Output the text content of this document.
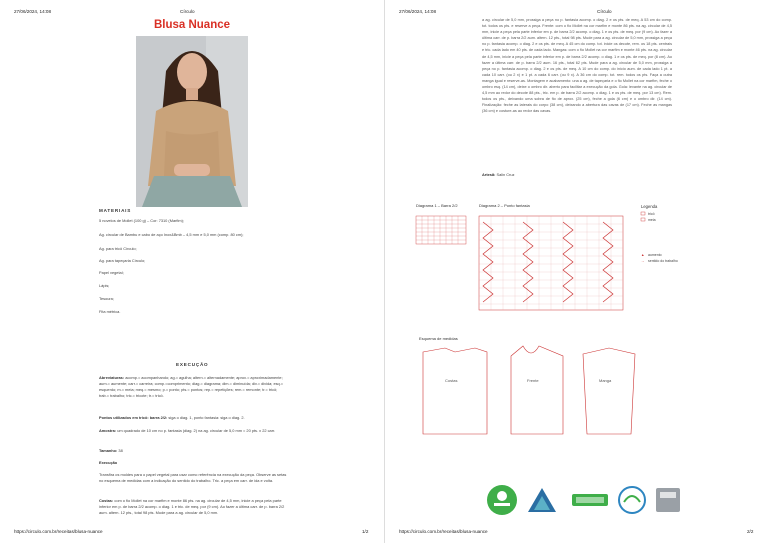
27/06/2024, 14:08	Círculo
Blusa Nuance
MATERIAIS
5 novelos de Mollet (100 g) – Cor: 7310 (Marfim);
Ag. circular de Bambu e cabo de aço Inox&Bmb – 4,5 mm e 5,0 mm (comp. 80 cm);
Ag. para tricô Círculo;
Ag. para tapeçaria Círculo;
Papel vegetal;
Lápis;
Tesoura;
Fita métrica.
EXECUÇÃO
Abreviaturas: acomp.= acompanhando; ag.= agulha; altern.= alternadamente; aprox.= aproximadamente; aum.= aumente; carr.= carreira; comp.=comprimento; diag.= diagrama; dim.= diminuída; div.= divida; esq.= esquerdo; m.= meia; meq.= mesmo; p.= ponto; pts.= pontos; rep.= repetições; rem.= remonte; tr.= tricô; trab.= trabalho; tric.= tricote; tr.= tricô.
Pontos utilizados em tricô: barra 2/2: siga o diag. 1, ponto fantasia: siga o diag. 2.
Amostra: um quadrado de 10 cm no p. fantasia (diag. 2) na ag. circular de 5,0 mm = 20 pts. x 22 carr.
Tamanho: 38
Execução
Transfira os moldes para o papel vegetal para usar como referência na execução da peça. Observe as setas no esquema de medidas com a indicação do sentido do trabalho. Tric. a peça em carr. de ida e volta.
Costas: com o fio Mollet na cor marfim e monte 86 pts. na ag. circular de 4,5 mm, inicie a peça pela parte inferior em p. de barra 2/2 acomp. o diag. 1 e tric. de meq. por (9 cm). Ao fazer a última carr. de p. barra 2/2 aum. altern. 12 pts., total 98 pts. Mude para a ag. circular de 5,0 mm.
https://circulo.com.br/receitas/blusa-nuance	1/2
27/06/2024, 14:08	Círculo
https://circulo.com.br/receitas/blusa-nuance	2/2
a ag. circular de 5,0 mm, prossiga a peça no p. fantasia acomp. o diag. 2 e os pts. de meq. A 53 cm do comp. tot. todos os pts. e reserve a peça. Frente: com o fio Mollet na cor marfim e monte 86 pts. na ag. circular de 4,5 mm, inicie a peça pela parte inferior em p. de barra 2/2 acomp. o diag. 1 e os pts. de meq. por (9 cm). Ao fazer a última carr. de p. barra 2/2 aum. altern. 12 pts., total 98 pts. Mude para a ag. circular de 5,0 mm, prossiga a peça no p. fantasia acomp. o diag. 2 e os pts. de meq. A 45 cm do comp. tot. inicie os decote, rem. os 18 pts. centrais e tric. cada lado em 40 pts. de cada lado. Mangas: com o fio Mollet na cor marfim e monte 46 pts. na ag. circular de 4,5 mm, inicie a peça pela parte inferior em p. de barra 2/2 acomp. o diag. 1 e os pts. de meq. por (8 cm). Ao fazer a última carr. de p. barra 2/2 aum. 16 pts., total 62 pts. Mude para a ag. circular de 5,0 mm, prossiga a peça no p. fantasia acomp. o diag. 2 e os pts. de meq. A 10 cm do comp. do início aum. de cada lado 1 pt. a cada 10 carr. (ou 2 x) e 1 pt. a cada 6 carr. (ou 9 x). A 36 cm do comp. tot. rem. todos os pts. Faça a outra manga igual e reserve-as. Montagem e acabamento: una a ag. de tapeçaria e o fio Mollet na cor marfim, feche o ombro esq. (14 cm), deixe o ombro dir. aberto para facilitar a execução da gola. Gola: levante na ag. circular de 4,5 mm ao redor do decote 88 pts., tric. em p. de barra 2/2 acomp. o diag. 1 e os pts. de meq. por 13 cm). Rem. todos os pts., deixando uma sobra de fio de aprox. (25 cm), feche a gola (6 cm) e o ombro dir. (14 cm). Finalização: feche as laterais do corpo (38 cm), deixando a abertura das cavas de (17 cm). Feche as mangas (36 cm) e costure-as ao redor das cavas.
Artesã: Salin Cruz
Diagrama 1 – Barra 2/2	Diagrama 2 – Ponto fantasia	Legenda
tricô
meia
▲ aumento
→ sentido do trabalho
Esquema de medidas
Costas	Frente	Manga
